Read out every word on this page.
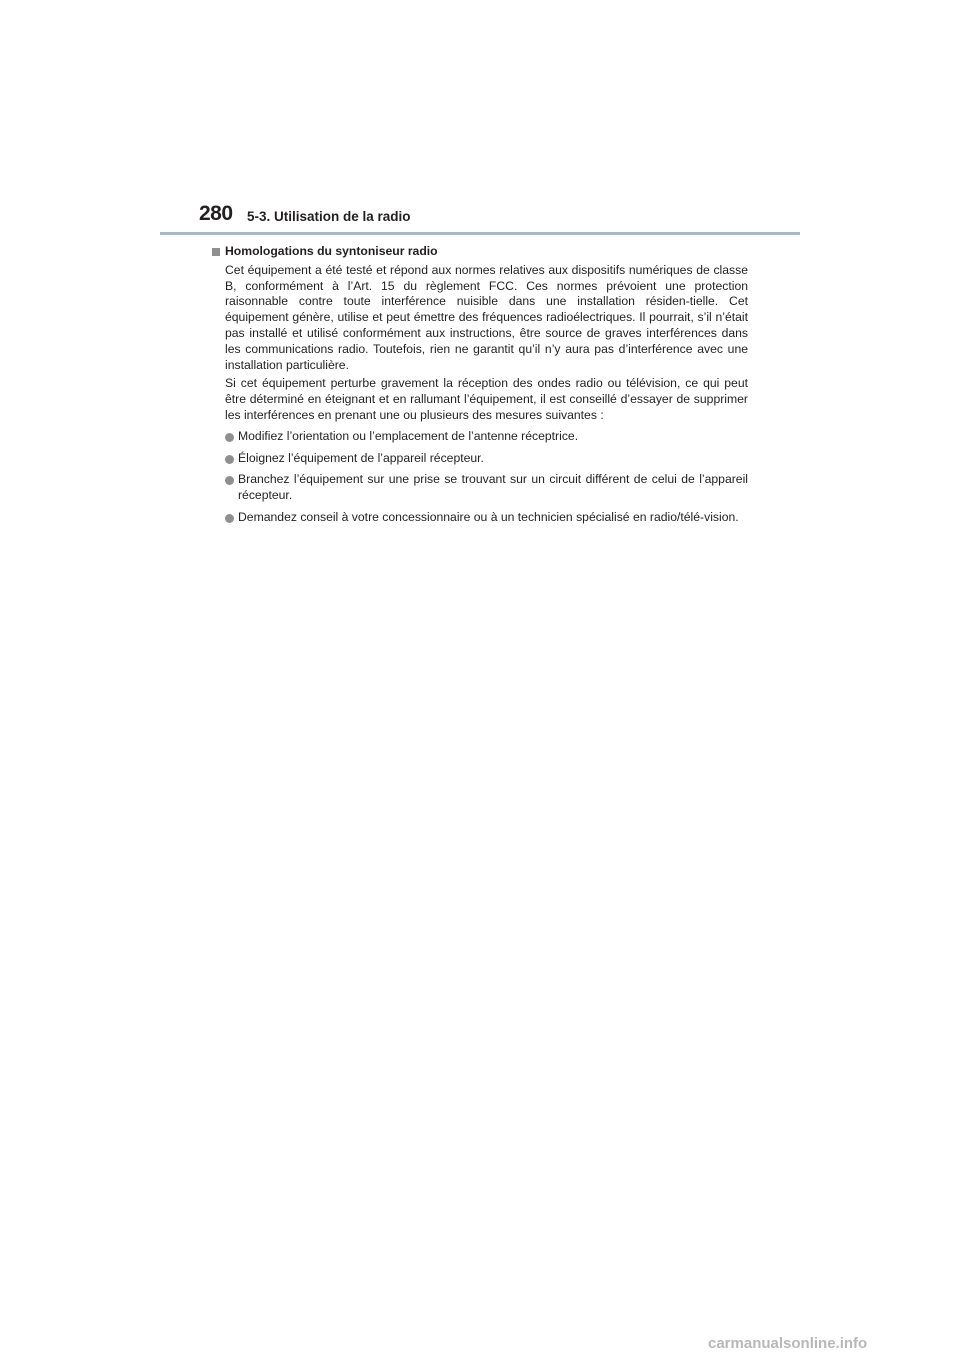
280 5-3. Utilisation de la radio
Homologations du syntoniseur radio

Cet équipement a été testé et répond aux normes relatives aux dispositifs numériques de classe B, conformément à l’Art. 15 du règlement FCC. Ces normes prévoient une protection raisonnable contre toute interférence nuisible dans une installation résiden-tielle. Cet équipement génère, utilise et peut émettre des fréquences radioélectriques. Il pourrait, s’il n’était pas installé et utilisé conformément aux instructions, être source de graves interférences dans les communications radio. Toutefois, rien ne garantit qu’il n’y aura pas d’interférence avec une installation particulière.

Si cet équipement perturbe gravement la réception des ondes radio ou télévision, ce qui peut être déterminé en éteignant et en rallumant l’équipement, il est conseillé d’essayer de supprimer les interférences en prenant une ou plusieurs des mesures suivantes :

Modifiez l’orientation ou l’emplacement de l’antenne réceptrice.
Éloignez l’équipement de l’appareil récepteur.
Branchez l’équipement sur une prise se trouvant sur un circuit différent de celui de l’appareil récepteur.
Demandez conseil à votre concessionnaire ou à un technicien spécialisé en radio/télé-vision.
carmanualsonline.info
